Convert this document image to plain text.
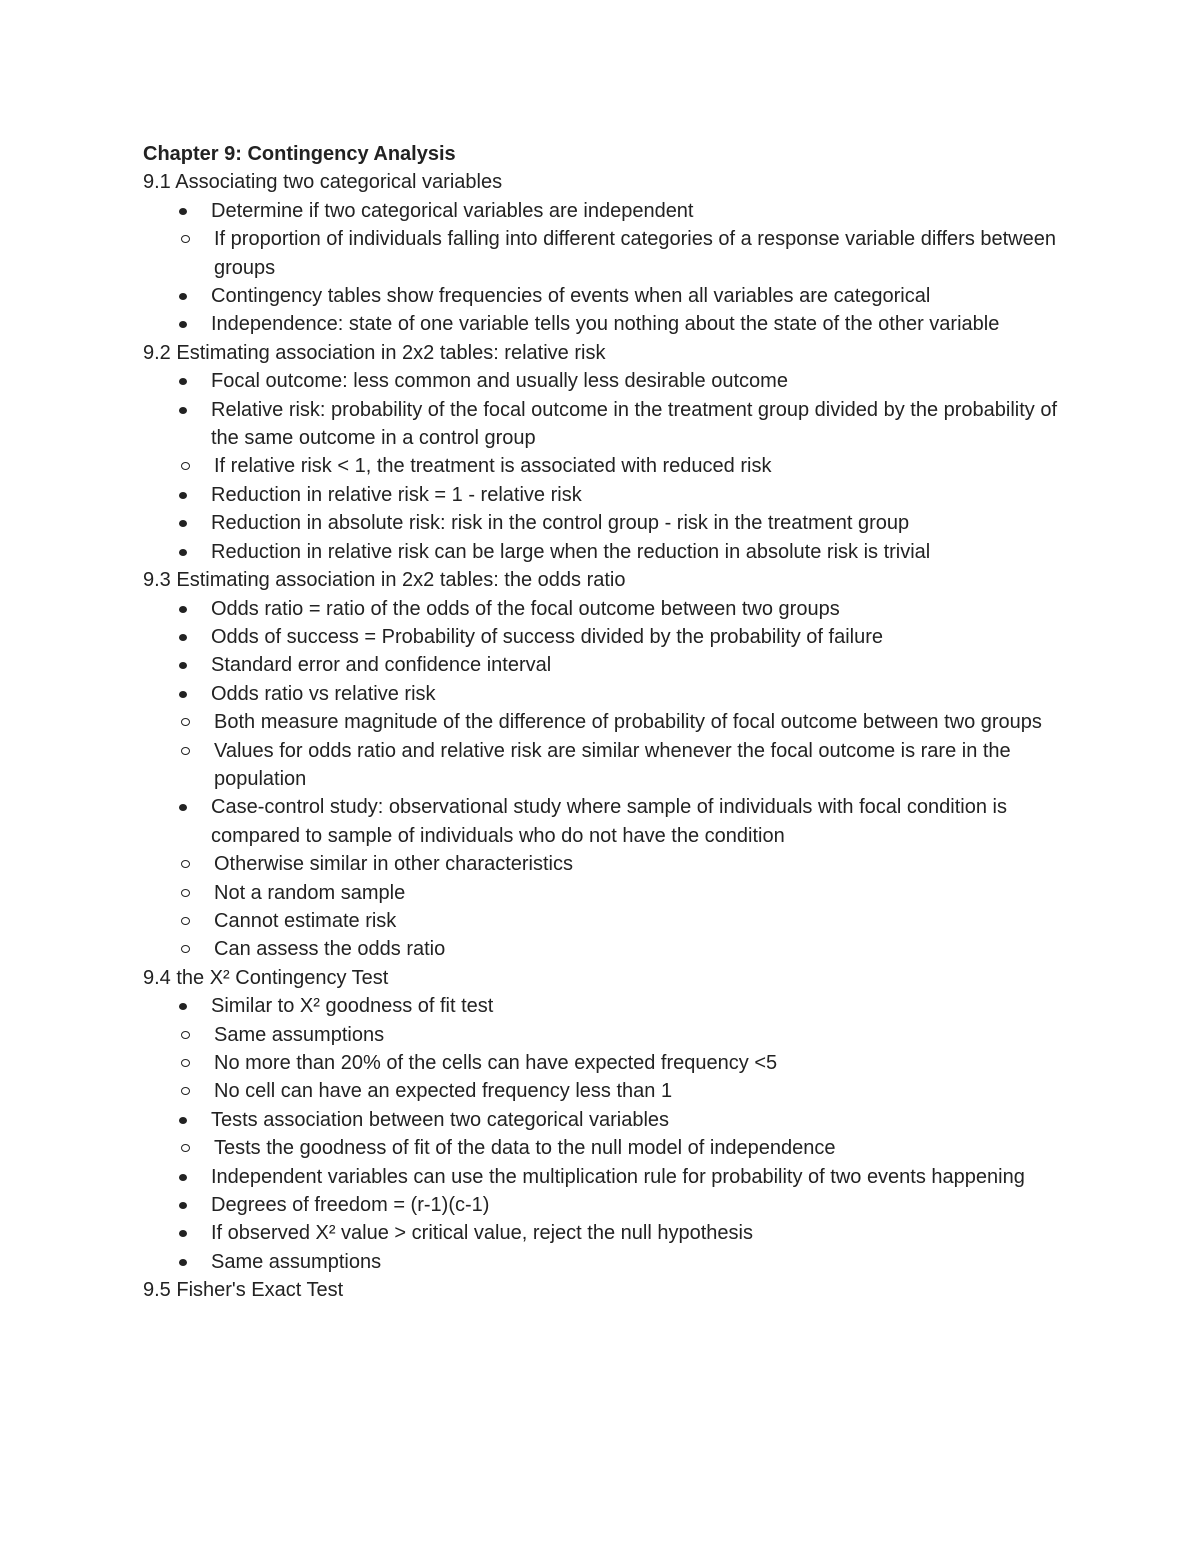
Chapter 9: Contingency Analysis
9.1 Associating two categorical variables
Determine if two categorical variables are independent
If proportion of individuals falling into different categories of a response variable differs between groups
Contingency tables show frequencies of events when all variables are categorical
Independence: state of one variable tells you nothing about the state of the other variable
9.2 Estimating association in 2x2 tables: relative risk
Focal outcome: less common and usually less desirable outcome
Relative risk: probability of the focal outcome in the treatment group divided by the probability of the same outcome in a control group
If relative risk < 1, the treatment is associated with reduced risk
Reduction in relative risk = 1 - relative risk
Reduction in absolute risk: risk in the control group - risk in the treatment group
Reduction in relative risk can be large when the reduction in absolute risk is trivial
9.3 Estimating association in 2x2 tables: the odds ratio
Odds ratio = ratio of the odds of the focal outcome between two groups
Odds of success = Probability of success divided by the probability of failure
Standard error and confidence interval
Odds ratio vs relative risk
Both measure magnitude of the difference of probability of focal outcome between two groups
Values for odds ratio and relative risk are similar whenever the focal outcome is rare in the population
Case-control study: observational study where sample of individuals with focal condition is compared to sample of individuals who do not have the condition
Otherwise similar in other characteristics
Not a random sample
Cannot estimate risk
Can assess the odds ratio
9.4 the X² Contingency Test
Similar to X² goodness of fit test
Same assumptions
No more than 20% of the cells can have expected frequency <5
No cell can have an expected frequency less than 1
Tests association between two categorical variables
Tests the goodness of fit of the data to the null model of independence
Independent variables can use the multiplication rule for probability of two events happening
Degrees of freedom = (r-1)(c-1)
If observed X² value > critical value, reject the null hypothesis
Same assumptions
9.5 Fisher's Exact Test
